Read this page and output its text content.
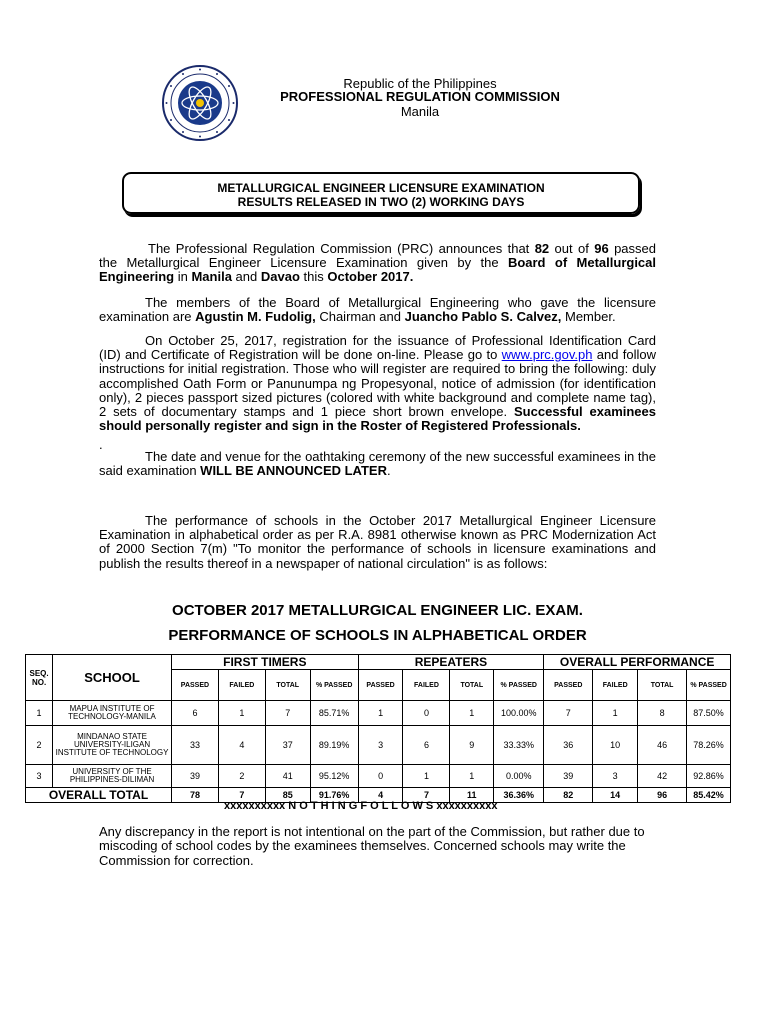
Republic of the Philippines
PROFESSIONAL REGULATION COMMISSION
Manila
METALLURGICAL ENGINEER LICENSURE EXAMINATION
RESULTS RELEASED IN TWO (2) WORKING DAYS
The Professional Regulation Commission (PRC) announces that 82 out of 96 passed the Metallurgical Engineer Licensure Examination given by the Board of Metallurgical Engineering in Manila and Davao this October 2017.
The members of the Board of Metallurgical Engineering who gave the licensure examination are Agustin M. Fudolig, Chairman and Juancho Pablo S. Calvez, Member.
On October 25, 2017, registration for the issuance of Professional Identification Card (ID) and Certificate of Registration will be done on-line. Please go to www.prc.gov.ph and follow instructions for initial registration. Those who will register are required to bring the following: duly accomplished Oath Form or Panunumpa ng Propesyonal, notice of admission (for identification only), 2 pieces passport sized pictures (colored with white background and complete name tag), 2 sets of documentary stamps and 1 piece short brown envelope. Successful examinees should personally register and sign in the Roster of Registered Professionals.
.
The date and venue for the oathtaking ceremony of the new successful examinees in the said examination WILL BE ANNOUNCED LATER.
The performance of schools in the October 2017 Metallurgical Engineer Licensure Examination in alphabetical order as per R.A. 8981 otherwise known as PRC Modernization Act of 2000 Section 7(m) "To monitor the performance of schools in licensure examinations and publish the results thereof in a newspaper of national circulation" is as follows:
OCTOBER 2017 METALLURGICAL ENGINEER LIC. EXAM.
PERFORMANCE OF SCHOOLS IN ALPHABETICAL ORDER
SEQ.
NO.	SCHOOL	FIRST TIMERS				REPEATERS				OVERALL PERFORMANCE			
		PASSED	FAILED	TOTAL	% PASSED	PASSED	FAILED	TOTAL	% PASSED	PASSED	FAILED	TOTAL	% PASSED
1	MAPUA INSTITUTE OF TECHNOLOGY-MANILA	6	1	7	85.71%	1	0	1	100.00%	7	1	8	87.50%
2	MINDANAO STATE UNIVERSITY-ILIGAN INSTITUTE OF TECHNOLOGY	33	4	37	89.19%	3	6	9	33.33%	36	10	46	78.26%
3	UNIVERSITY OF THE PHILIPPINES-DILIMAN	39	2	41	95.12%	0	1	1	0.00%	39	3	42	92.86%
OVERALL TOTAL		78	7	85	91.76%	4	7	11	36.36%	82	14	96	85.42%
xxxxxxxxxx N O T H I N G F O L L O W S xxxxxxxxxx
Any discrepancy in the report is not intentional on the part of the Commission, but rather due to miscoding of school codes by the examinees themselves. Concerned schools may write the Commission for correction.
